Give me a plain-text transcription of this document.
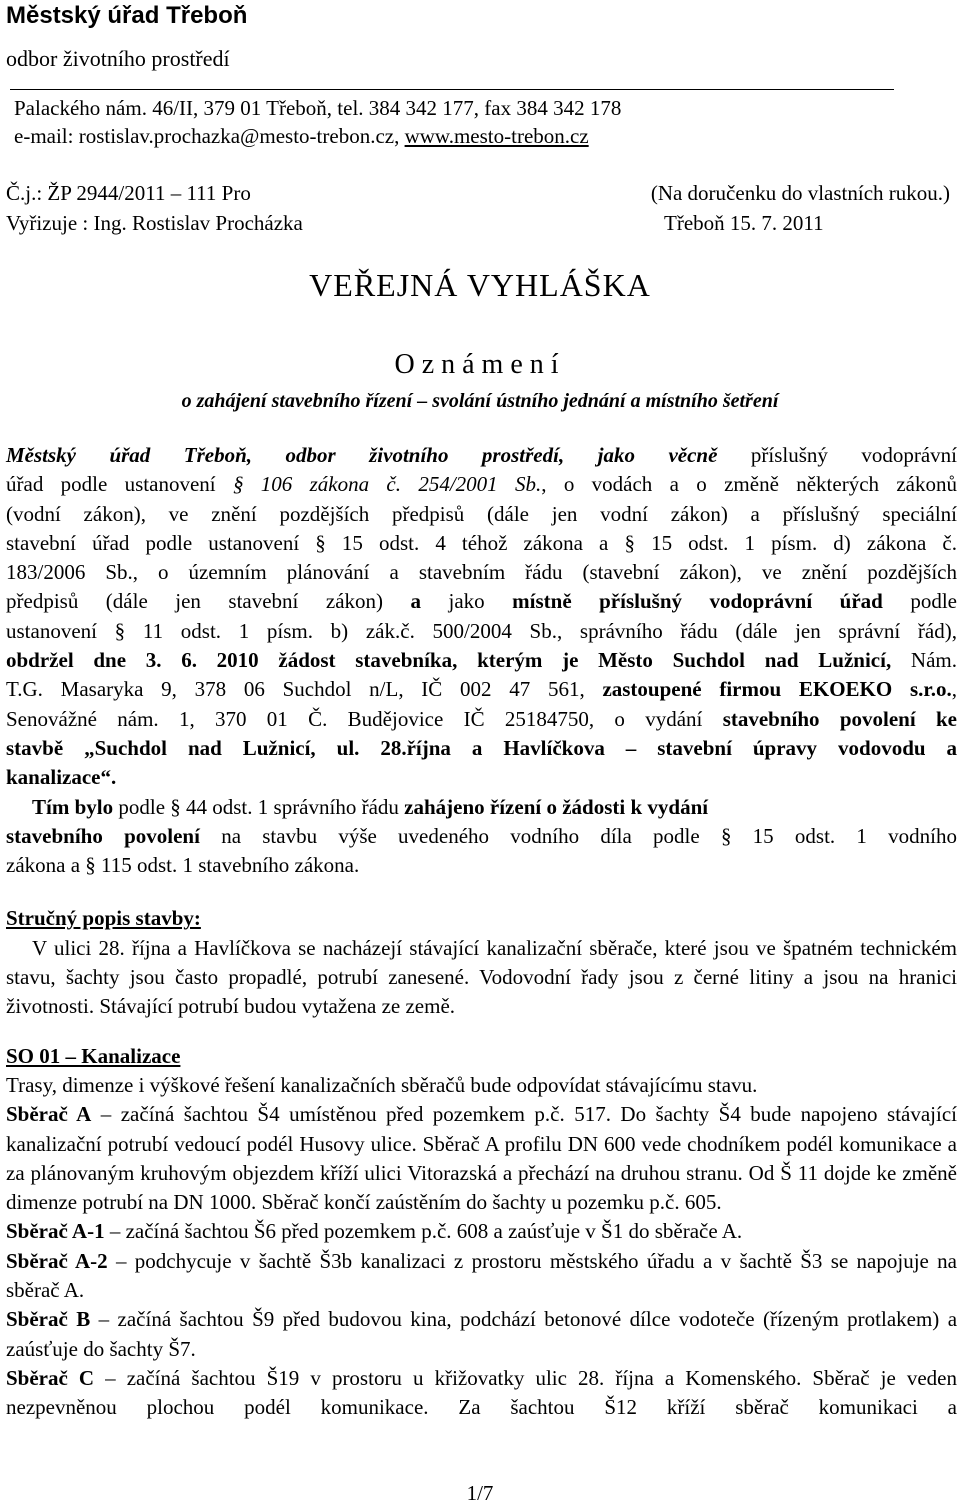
Městský úřad Třeboň
odbor životního prostředí
Palackého nám. 46/II, 379 01 Třeboň, tel. 384 342 177, fax 384 342 178
e-mail: rostislav.prochazka@mesto-trebon.cz, www.mesto-trebon.cz
Č.j.: ŽP 2944/2011 – 111 Pro
Vyřizuje : Ing. Rostislav Procházka
(Na doručenku do vlastních rukou.)
Třeboň 15. 7. 2011
VEŘEJNÁ VYHLÁŠKA
Oznámení
o zahájení stavebního řízení – svolání ústního jednání a místního šetření

Městský úřad Třeboň, odbor životního prostředí, jako věcně příslušný vodoprávní

úřad podle ustanovení § 106 zákona č. 254/2001 Sb., o vodách a o změně některých zákonů

(vodní zákon), ve znění pozdějších předpisů (dále jen vodní zákon) a příslušný speciální

stavební úřad podle ustanovení § 15 odst. 4 téhož zákona a § 15 odst. 1 písm. d) zákona č.

183/2006 Sb., o územním plánování a stavebním řádu (stavební zákon), ve znění pozdějších

předpisů (dále jen stavební zákon) a jako místně příslušný vodoprávní úřad podle

ustanovení § 11 odst. 1 písm. b) zák.č. 500/2004 Sb., správního řádu (dále jen správní řád),

obdržel dne 3. 6. 2010 žádost stavebníka, kterým je Město Suchdol nad Lužnicí, Nám.

T.G. Masaryka 9, 378 06 Suchdol n/L, IČ 002 47 561, zastoupené firmou EKOEKO s.r.o.,

Senovážné nám. 1, 370 01 Č. Budějovice IČ 25184750, o vydání stavebního povolení ke

stavbě „Suchdol nad Lužnicí, ul. 28.října a Havlíčkova – stavební úpravy vodovodu a

kanalizace“.

Tím bylo podle § 44 odst. 1 správního řádu zahájeno řízení o žádosti k vydání

stavebního povolení na stavbu výše uvedeného vodního díla podle § 15 odst. 1 vodního

zákona a § 115 odst. 1 stavebního zákona.

Stručný popis stavby:

V ulici 28. října a Havlíčkova se nacházejí stávající kanalizační sběrače, které jsou ve špatném technickém stavu, šachty jsou často propadlé, potrubí zanesené. Vodovodní řady jsou z černé litiny a jsou na hranici životnosti. Stávající potrubí budou vytažena ze země.

SO 01 – Kanalizace

Trasy, dimenze i výškové řešení kanalizačních sběračů bude odpovídat stávajícímu stavu.

Sběrač A – začíná šachtou Š4 umístěnou před pozemkem p.č. 517. Do šachty Š4 bude napojeno stávající kanalizační potrubí vedoucí podél Husovy ulice. Sběrač A profilu DN 600 vede chodníkem podél komunikace a za plánovaným kruhovým objezdem kříží ulici Vitorazská a přechází na druhou stranu. Od Š 11 dojde ke změně dimenze potrubí na DN 1000. Sběrač končí zaústěním do šachty u pozemku p.č. 605.

Sběrač A-1 – začíná šachtou Š6 před pozemkem p.č. 608 a zaúsťuje v Š1 do sběrače A.

Sběrač A-2 – podchycuje v šachtě Š3b kanalizaci z prostoru městského úřadu a v šachtě Š3 se napojuje na sběrač A.

Sběrač B – začíná šachtou Š9 před budovou kina, podchází betonové dílce vodoteče (řízeným protlakem) a zaúsťuje do šachty Š7.

Sběrač C – začíná šachtou Š19 v prostoru u křižovatky ulic 28. října a Komenského. Sběrač je veden nezpevněnou plochou podél komunikace. Za šachtou Š12 kříží sběrač komunikaci a

1/7
